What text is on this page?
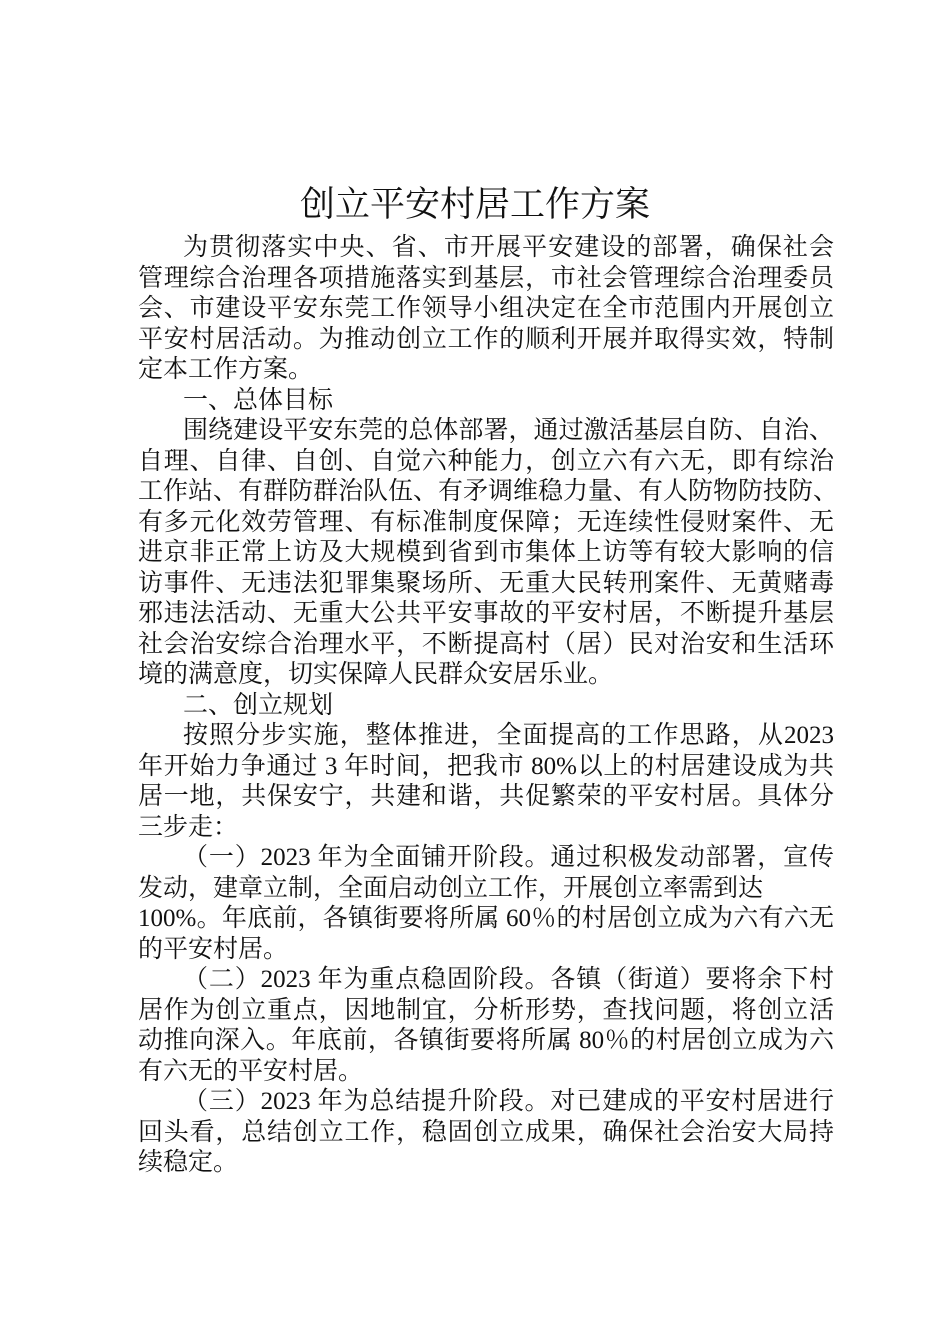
创立平安村居工作方案
为贯彻落实中央、省、市开展平安建设的部署，确保社会
管理综合治理各项措施落实到基层，市社会管理综合治理委员
会、市建设平安东莞工作领导小组决定在全市范围内开展创立
平安村居活动。为推动创立工作的顺利开展并取得实效，特制
定本工作方案。
一、总体目标
围绕建设平安东莞的总体部署，通过激活基层自防、自治、
自理、自律、自创、自觉六种能力，创立六有六无，即有综治
工作站、有群防群治队伍、有矛调维稳力量、有人防物防技防、
有多元化效劳管理、有标准制度保障；无连续性侵财案件、无
进京非正常上访及大规模到省到市集体上访等有较大影响的信
访事件、无违法犯罪集聚场所、无重大民转刑案件、无黄赌毒
邪违法活动、无重大公共平安事故的平安村居，不断提升基层
社会治安综合治理水平，不断提高村（居）民对治安和生活环
境的满意度，切实保障人民群众安居乐业。
二、创立规划
按照分步实施，整体推进，全面提高的工作思路，从2023
年开始力争通过 3 年时间，把我市 80%以上的村居建设成为共
居一地，共保安宁，共建和谐，共促繁荣的平安村居。具体分
三步走：
（一）2023 年为全面铺开阶段。通过积极发动部署，宣传
发动，建章立制，全面启动创立工作，开展创立率需到达
100%。年底前，各镇街要将所属 60％的村居创立成为六有六无
的平安村居。
（二）2023 年为重点稳固阶段。各镇（街道）要将余下村
居作为创立重点，因地制宜，分析形势，查找问题，将创立活
动推向深入。年底前，各镇街要将所属 80％的村居创立成为六
有六无的平安村居。
（三）2023 年为总结提升阶段。对已建成的平安村居进行
回头看，总结创立工作，稳固创立成果，确保社会治安大局持
续稳定。
